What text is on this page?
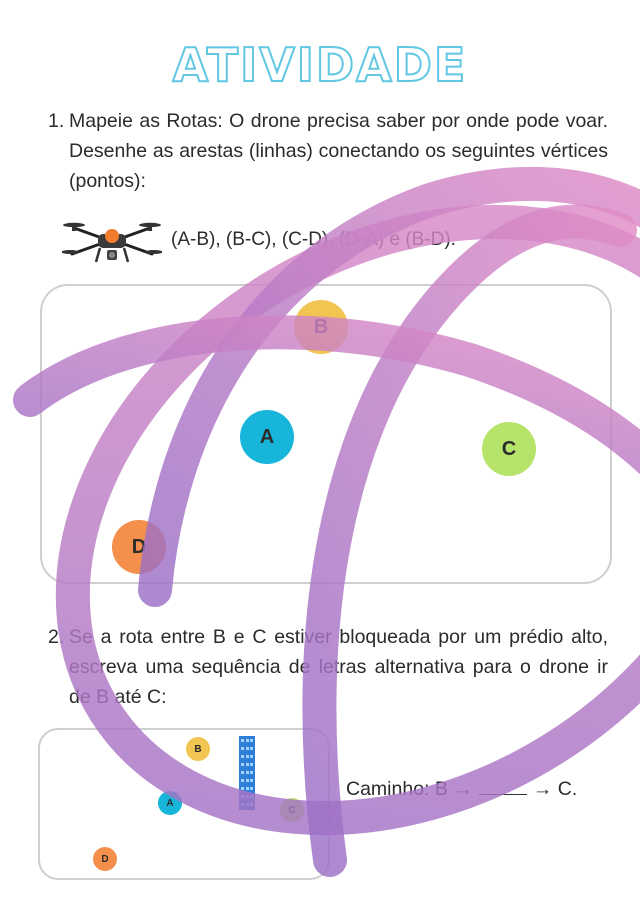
ATIVIDADE
1. Mapeie as Rotas: O drone precisa saber por onde pode voar. Desenhe as arestas (linhas) conectando os seguintes vértices (pontos):
(A-B), (B-C), (C-D), (D-A) e (B-D).
B
A
C
D
2. Se a rota entre B e C estiver bloqueada por um prédio alto, escreva uma sequência de letras alternativa para o drone ir de B até C:
B
A
C
D
Caminho: B →	→ C.
